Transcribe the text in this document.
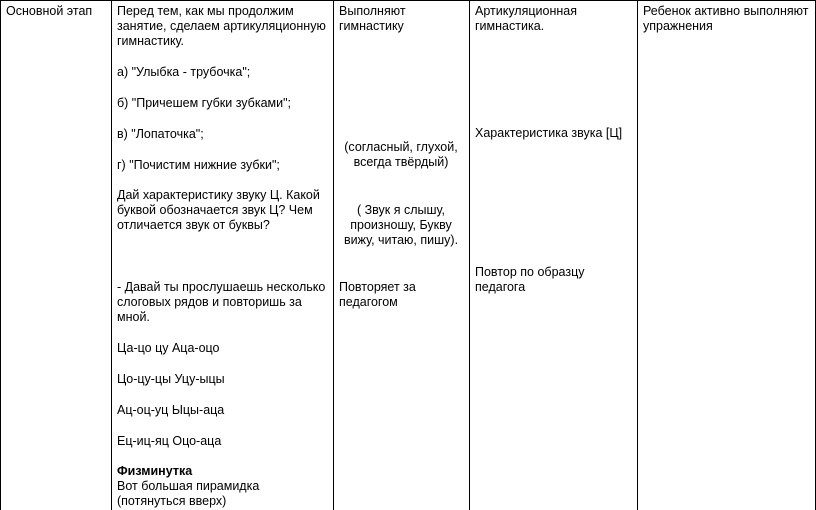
Основной этап	Перед тем, как мы продолжим
занятие, сделаем артикуляционную
гимнастику.
а) "Улыбка - трубочка";
б) "Причешем губки зубками";
в) "Лопаточка";
г) "Почистим нижние зубки";
Дай характеристику звуку Ц. Какой
буквой обозначается звук Ц? Чем
отличается звук от буквы?
- Давай ты прослушаешь несколько
слоговых рядов и повторишь за
мной.
Ца-цо цу Аца-оцо
Цо-цу-цы Уцу-ыцы
Ац-оц-уц Ыцы-аца
Ец-иц-яц Оцо-аца
Физминутка
Вот большая пирамидка
(потянуться вверх)
Выполняют
гимнастику
(согласный, глухой,
всегда твёрдый)
( Звук я слышу,
произношу, Букву
вижу, читаю, пишу).
Повторяет за
педагогом
Артикуляционная
гимнастика.
Характеристика звука [Ц]
Повтор по образцу
педагога
Ребенок активно выполняют
упражнения
